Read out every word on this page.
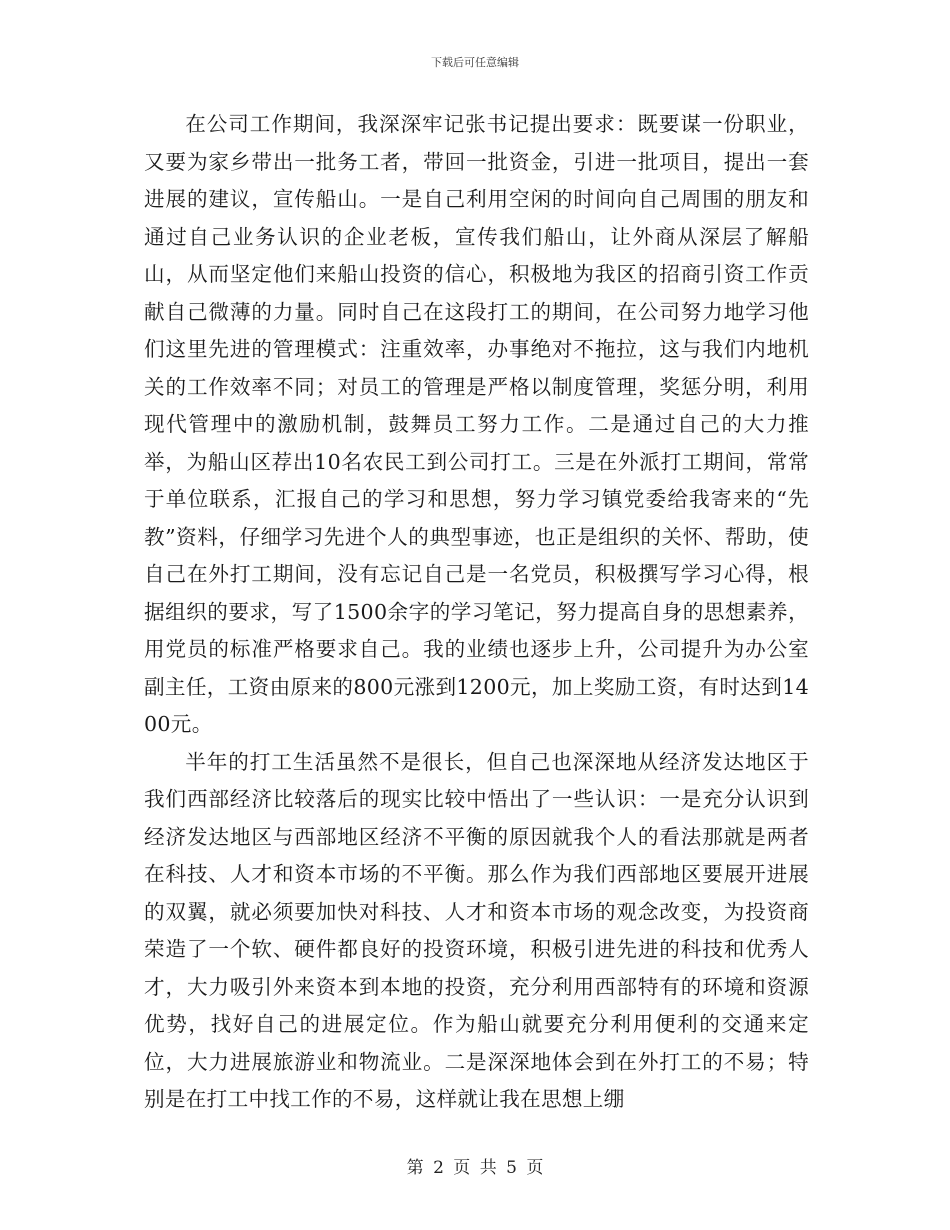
下载后可任意编辑

在公司工作期间，我深深牢记张书记提出要求：既要谋一份职业，又要为家乡带出一批务工者，带回一批资金，引进一批项目，提出一套进展的建议，宣传船山。一是自己利用空闲的时间向自己周围的朋友和通过自己业务认识的企业老板，宣传我们船山，让外商从深层了解船山，从而坚定他们来船山投资的信心，积极地为我区的招商引资工作贡献自己微薄的力量。同时自己在这段打工的期间，在公司努力地学习他们这里先进的管理模式：注重效率，办事绝对不拖拉，这与我们内地机关的工作效率不同；对员工的管理是严格以制度管理，奖惩分明，利用现代管理中的激励机制，鼓舞员工努力工作。二是通过自己的大力推举，为船山区荐出10名农民工到公司打工。三是在外派打工期间，常常于单位联系，汇报自己的学习和思想，努力学习镇党委给我寄来的“先教”资料，仔细学习先进个人的典型事迹，也正是组织的关怀、帮助，使自己在外打工期间，没有忘记自己是一名党员，积极撰写学习心得，根据组织的要求，写了1500余字的学习笔记，努力提高自身的思想素养，用党员的标准严格要求自己。我的业绩也逐步上升，公司提升为办公室副主任，工资由原来的800元涨到1200元，加上奖励工资，有时达到1400元。

半年的打工生活虽然不是很长，但自己也深深地从经济发达地区于我们西部经济比较落后的现实比较中悟出了一些认识：一是充分认识到经济发达地区与西部地区经济不平衡的原因就我个人的看法那就是两者在科技、人才和资本市场的不平衡。那么作为我们西部地区要展开进展的双翼，就必须要加快对科技、人才和资本市场的观念改变，为投资商荣造了一个软、硬件都良好的投资环境，积极引进先进的科技和优秀人才，大力吸引外来资本到本地的投资，充分利用西部特有的环境和资源优势，找好自己的进展定位。作为船山就要充分利用便利的交通来定位，大力进展旅游业和物流业。二是深深地体会到在外打工的不易；特别是在打工中找工作的不易，这样就让我在思想上绷

第 2 页 共 5 页
